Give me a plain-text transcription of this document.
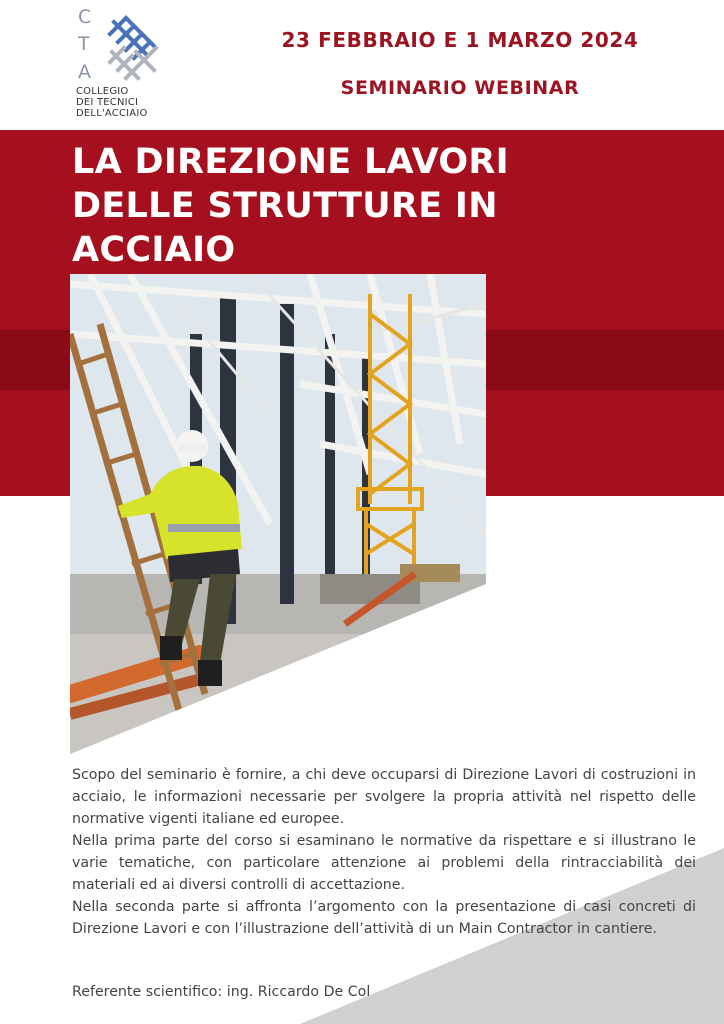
C
T
A
COLLEGIO
DEI TECNICI
DELL'ACCIAIO
23 FEBBRAIO E 1 MARZO 2024
SEMINARIO WEBINAR
LA DIREZIONE LAVORI
DELLE STRUTTURE IN
ACCIAIO

Scopo del seminario è fornire, a chi deve occuparsi di Direzione Lavori di costruzioni in acciaio, le informazioni necessarie per svolgere la propria attività nel rispetto delle normative vigenti italiane ed europee.

Nella prima parte del corso si esaminano le normative da rispettare e si illustrano le varie tematiche, con particolare attenzione ai problemi della rintracciabilità dei materiali ed ai diversi controlli di accettazione.

Nella seconda parte si affronta l’argomento con la presentazione di casi concreti di Direzione Lavori e con l’illustrazione dell’attività di un Main Contractor in cantiere.

Referente scientifico: ing. Riccardo De Col
